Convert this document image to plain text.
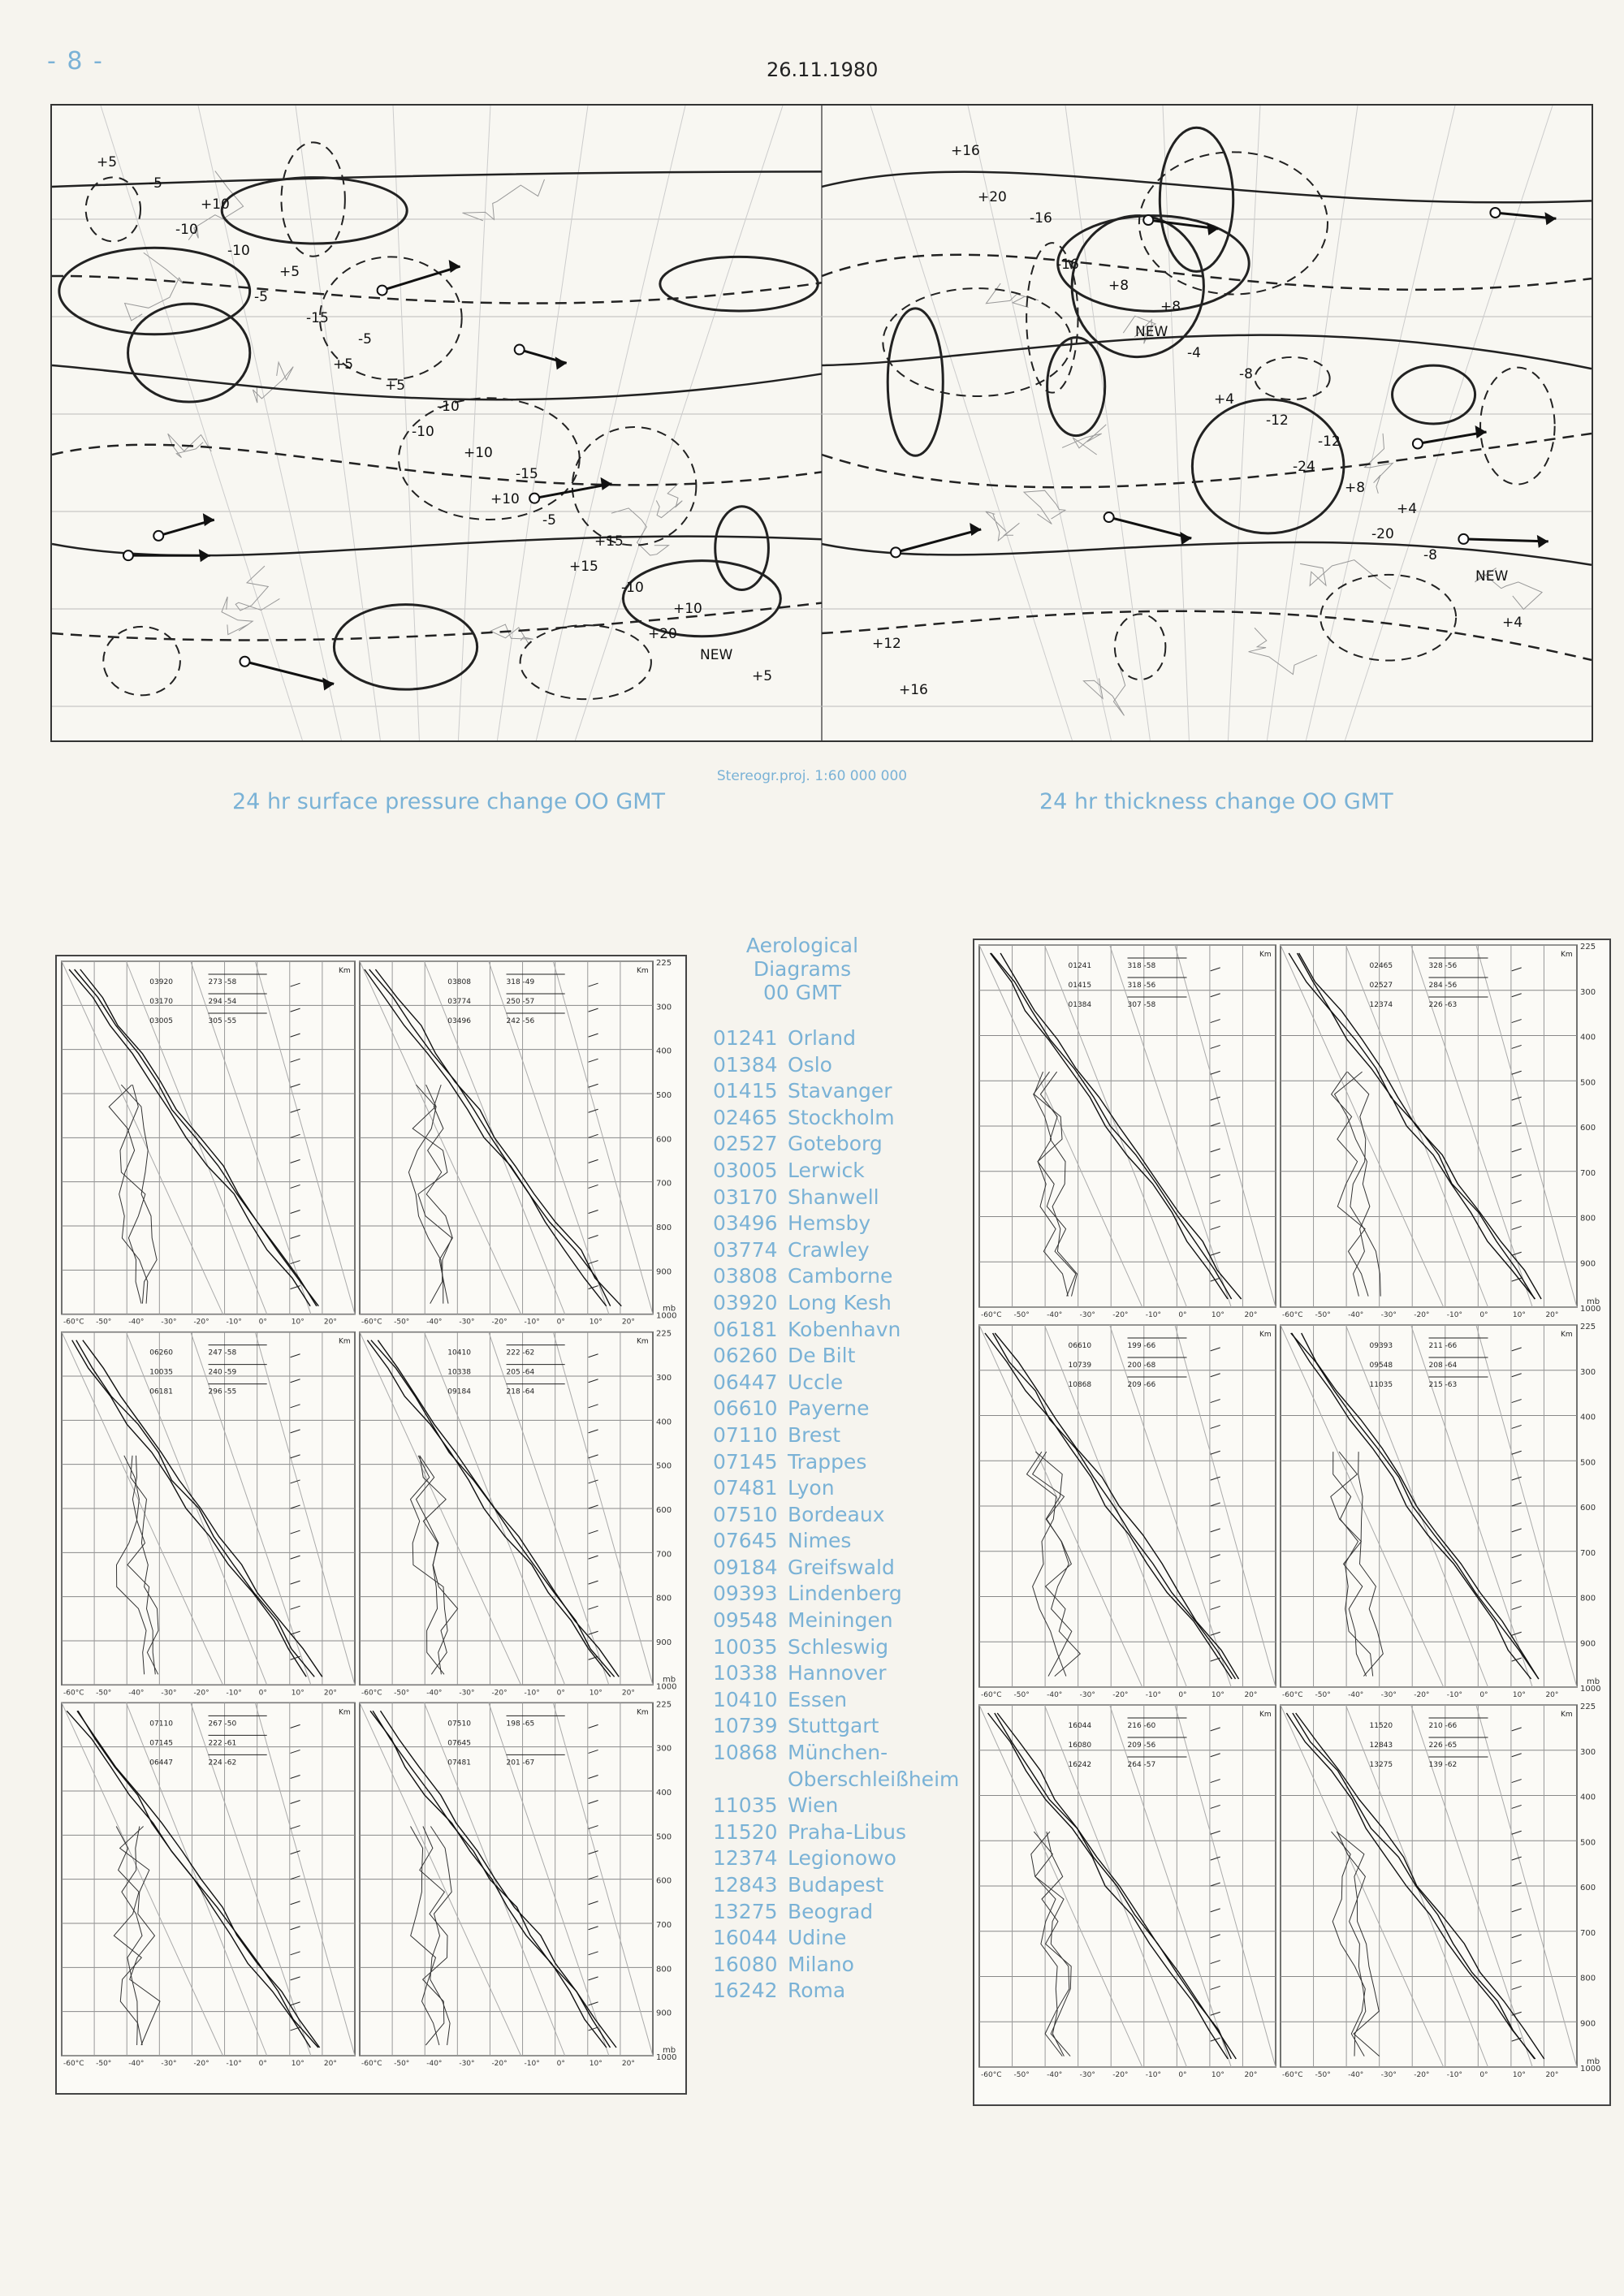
- 8 -	26.11.1980
+10
+5
-5
-10
-15
+15
+10
+5
-5
-10
-15
+5
+10
-5
-10
NEW
+5
-10
-5
+5
-10
+10
+15
+20
+8
-8
-12
+4
NEW
+12
+16
-16
+8
-4
-12
+8
-8
+4
+16
+20
-16
NEW
+4
-24
-20
Stereogr.proj. 1:60 000 000
24 hr surface pressure change OO GMT	24 hr thickness change OO GMT
03920	273 -58
03170	294 -54
03005	305 -55
Km
-60°C -50° -40° -30° -20° -10° 0°	10°	20°
225
300
400
500
600
700
800
900
1000
03808	318 -49
03774	250 -57
03496	242 -56
Km
-60°C -50° -40° -30° -20° -10° 0°	10°	20°
mb
06260	247 -58
10035	240 -59
06181	296 -55
Km
-60°C -50° -40° -30° -20° -10° 0°	10°	20°
225
300
400
500
600
700
800
900
1000
10410	222 -62
10338	205 -64
09184	218 -64
Km
-60°C -50° -40° -30° -20° -10° 0°	10°	20°
mb
07110	267 -50
07145	222 -61
06447	224 -62
Km
-60°C -50° -40° -30° -20° -10° 0°	10°	20°
225
300
400
500
600
700
800
900
1000
07510	198 -65
07645
07481	201 -67
Km
-60°C -50° -40° -30° -20° -10° 0°	10°	20°
mb
Aerological
Diagrams
00 GMT
01241 Orland
01384 Oslo
01415 Stavanger
02465 Stockholm
02527 Goteborg
03005 Lerwick
03170 Shanwell
03496 Hemsby
03774 Crawley
03808 Camborne
03920 Long Kesh
06181 Kobenhavn
06260 De Bilt
06447 Uccle
06610 Payerne
07110 Brest
07145 Trappes
07481 Lyon
07510 Bordeaux
07645 Nimes
09184 Greifswald
09393 Lindenberg
09548 Meiningen
10035 Schleswig
10338 Hannover
10410 Essen
10739 Stuttgart
10868 München-
Oberschleißheim
11035 Wien
11520 Praha-Libus
12374 Legionowo
12843 Budapest
13275 Beograd
16044 Udine
16080 Milano
16242 Roma
01241	318 -58
01415	318 -56
01384	307 -58
Km
-60°C -50° -40° -30° -20° -10° 0°	10°	20°
225
300
400
500
600
700
800
900
1000
02465	328 -56
02527	284 -56
12374	226 -63
Km
-60°C -50° -40° -30° -20° -10° 0°	10°	20°
mb
06610	199 -66
10739	200 -68
10868	209 -66
Km
-60°C -50° -40° -30° -20° -10° 0°	10°	20°
225
300
400
500
600
700
800
900
1000
09393	211 -66
09548	208 -64
11035	215 -63
Km
-60°C -50° -40° -30° -20° -10° 0°	10°	20°
mb
16044	216 -60
16080	209 -56
16242	264 -57
Km
-60°C -50° -40° -30° -20° -10° 0°	10°	20°
225
300
400
500
600
700
800
900
1000
11520	210 -66
12843	226 -65
13275	139 -62
Km
-60°C -50° -40° -30° -20° -10° 0°	10°	20°
mb
